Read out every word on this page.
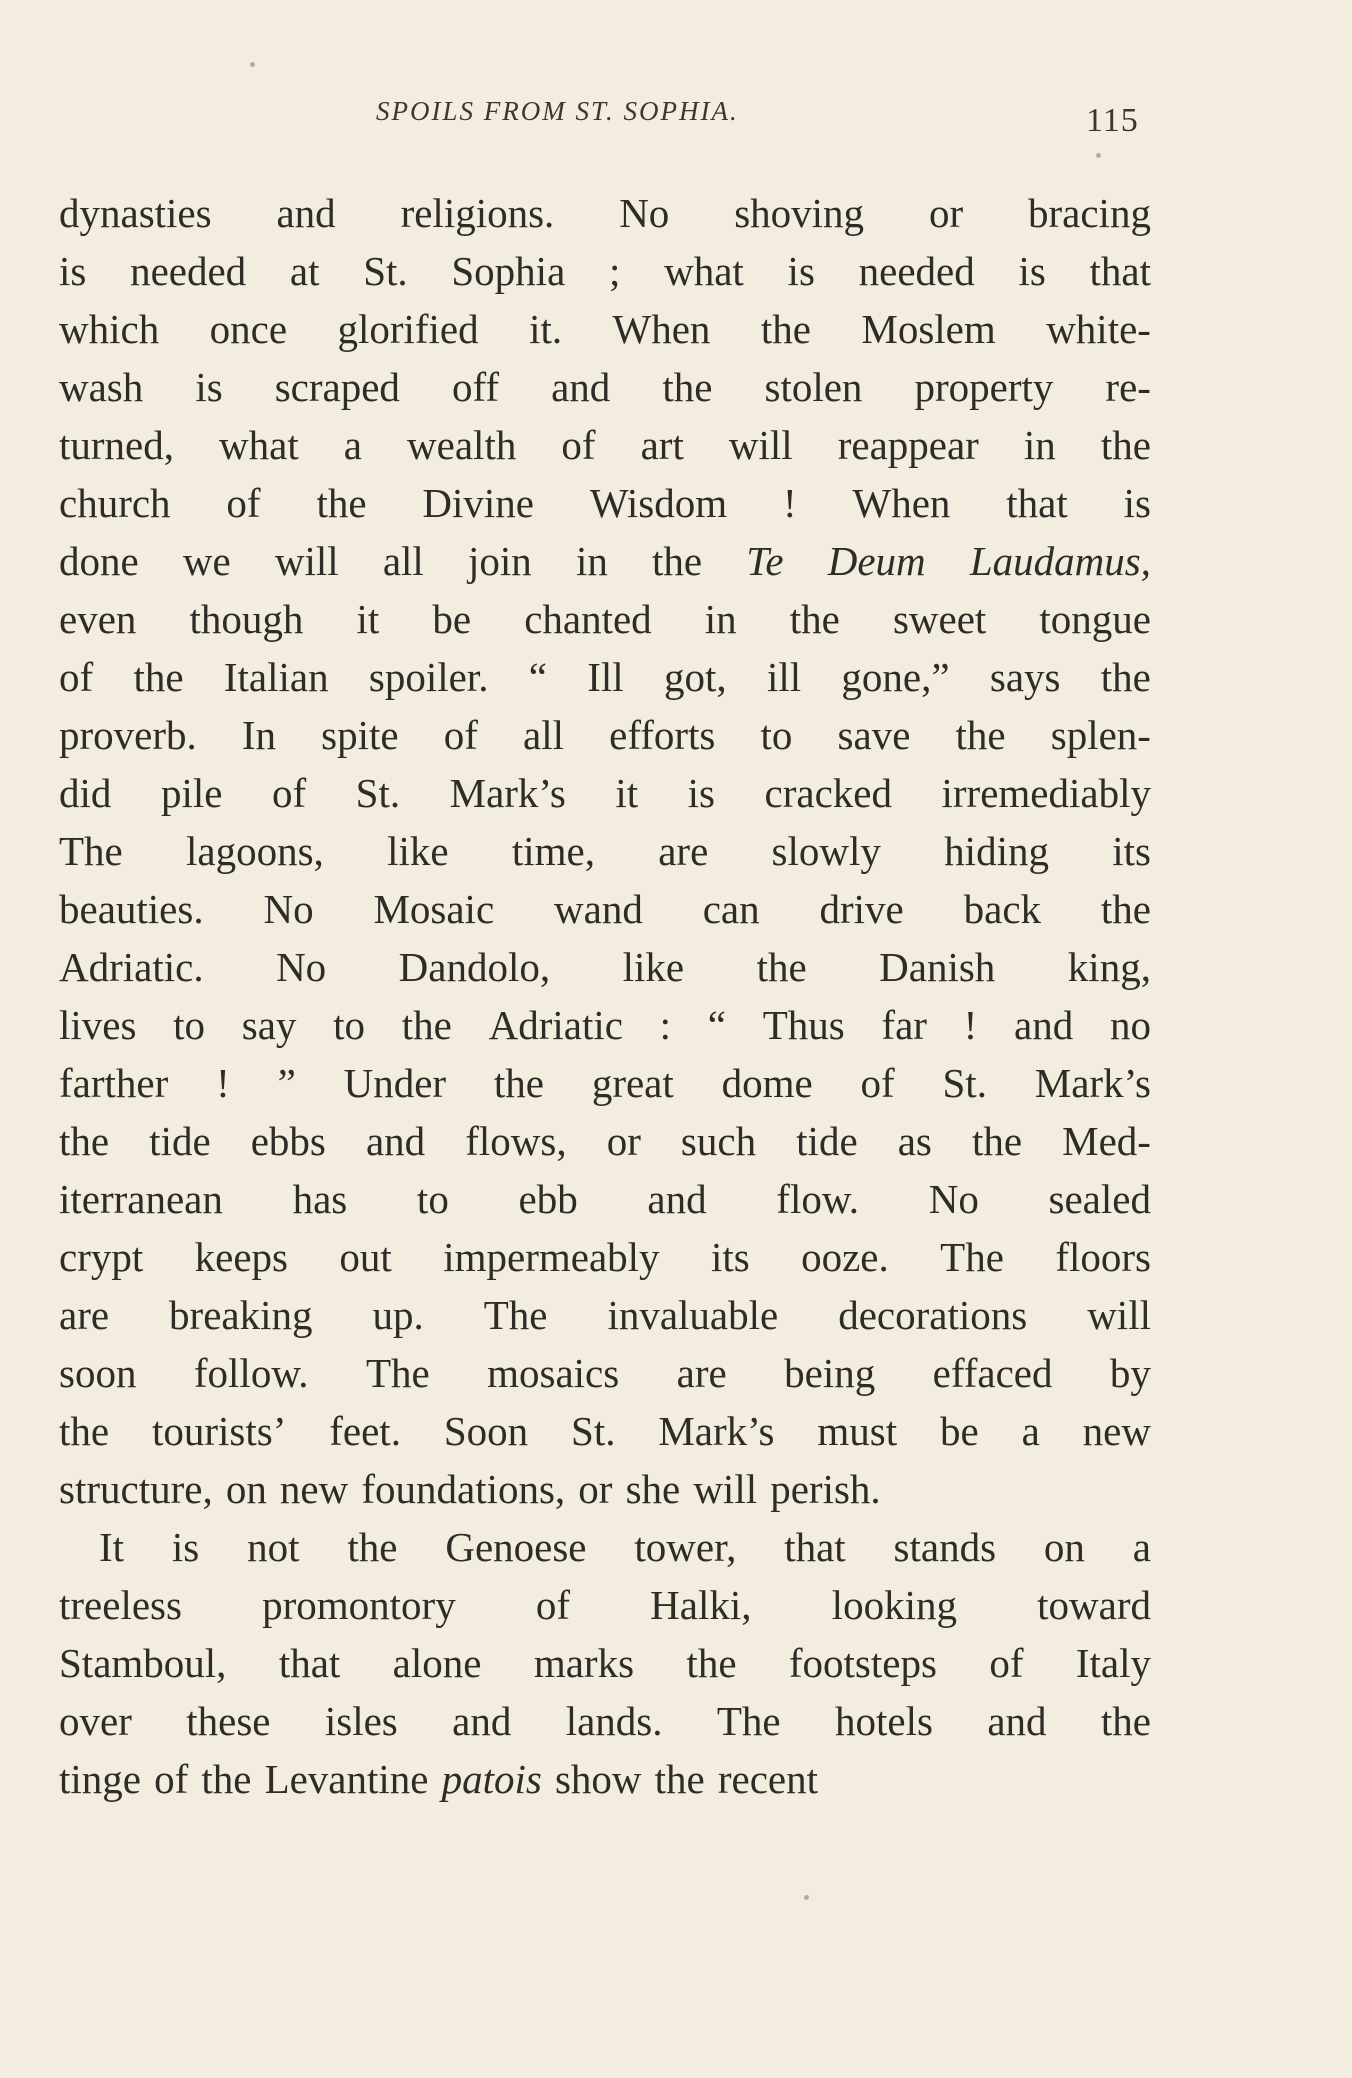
SPOILS FROM ST. SOPHIA.	115
dynasties and religions. No shoving or bracing
is needed at St. Sophia ; what is needed is that
which once glorified it. When the Moslem white-
wash is scraped off and the stolen property re-
turned, what a wealth of art will reappear in the
church of the Divine Wisdom ! When that is
done we will all join in the Te Deum Laudamus,
even though it be chanted in the sweet tongue
of the Italian spoiler. “ Ill got, ill gone,” says the
proverb. In spite of all efforts to save the splen-
did pile of St. Mark’s it is cracked irremediably
The lagoons, like time, are slowly hiding its
beauties. No Mosaic wand can drive back the
Adriatic. No Dandolo, like the Danish king,
lives to say to the Adriatic : “ Thus far ! and no
farther ! ” Under the great dome of St. Mark’s
the tide ebbs and flows, or such tide as the Med-
iterranean has to ebb and flow. No sealed
crypt keeps out impermeably its ooze. The floors
are breaking up. The invaluable decorations will
soon follow. The mosaics are being effaced by
the tourists’ feet. Soon St. Mark’s must be a new
structure, on new foundations, or she will perish.
It is not the Genoese tower, that stands on a
treeless promontory of Halki, looking toward
Stamboul, that alone marks the footsteps of Italy
over these isles and lands. The hotels and the
tinge of the Levantine patois show the recent
